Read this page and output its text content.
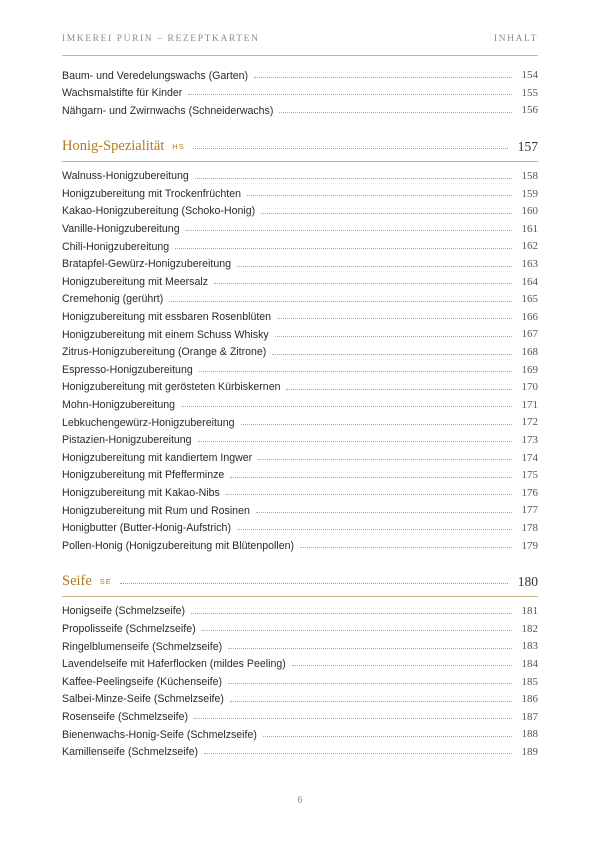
IMKEREI PURIN – REZEPTKARTEN	INHALT
Baum- und Veredelungswachs (Garten)	154
Wachsmalstifte für Kinder	155
Nähgarn- und Zwirnwachs (Schneiderwachs)	156
Honig-Spezialität HS	157
Walnuss-Honigzubereitung	158
Honigzubereitung mit Trockenfrüchten	159
Kakao-Honigzubereitung (Schoko-Honig)	160
Vanille-Honigzubereitung	161
Chili-Honigzubereitung	162
Bratapfel-Gewürz-Honigzubereitung	163
Honigzubereitung mit Meersalz	164
Cremehonig (gerührt)	165
Honigzubereitung mit essbaren Rosenblüten	166
Honigzubereitung mit einem Schuss Whisky	167
Zitrus-Honigzubereitung (Orange & Zitrone)	168
Espresso-Honigzubereitung	169
Honigzubereitung mit gerösteten Kürbiskernen	170
Mohn-Honigzubereitung	171
Lebkuchengewürz-Honigzubereitung	172
Pistazien-Honigzubereitung	173
Honigzubereitung mit kandiertem Ingwer	174
Honigzubereitung mit Pfefferminze	175
Honigzubereitung mit Kakao-Nibs	176
Honigzubereitung mit Rum und Rosinen	177
Honigbutter (Butter-Honig-Aufstrich)	178
Pollen-Honig (Honigzubereitung mit Blütenpollen)	179
Seife SE	180
Honigseife (Schmelzseife)	181
Propolisseife (Schmelzseife)	182
Ringelblumenseife (Schmelzseife)	183
Lavendelseife mit Haferflocken (mildes Peeling)	184
Kaffee-Peelingseife (Küchenseife)	185
Salbei-Minze-Seife (Schmelzseife)	186
Rosenseife (Schmelzseife)	187
Bienenwachs-Honig-Seife (Schmelzseife)	188
Kamillenseife (Schmelzseife)	189
6
